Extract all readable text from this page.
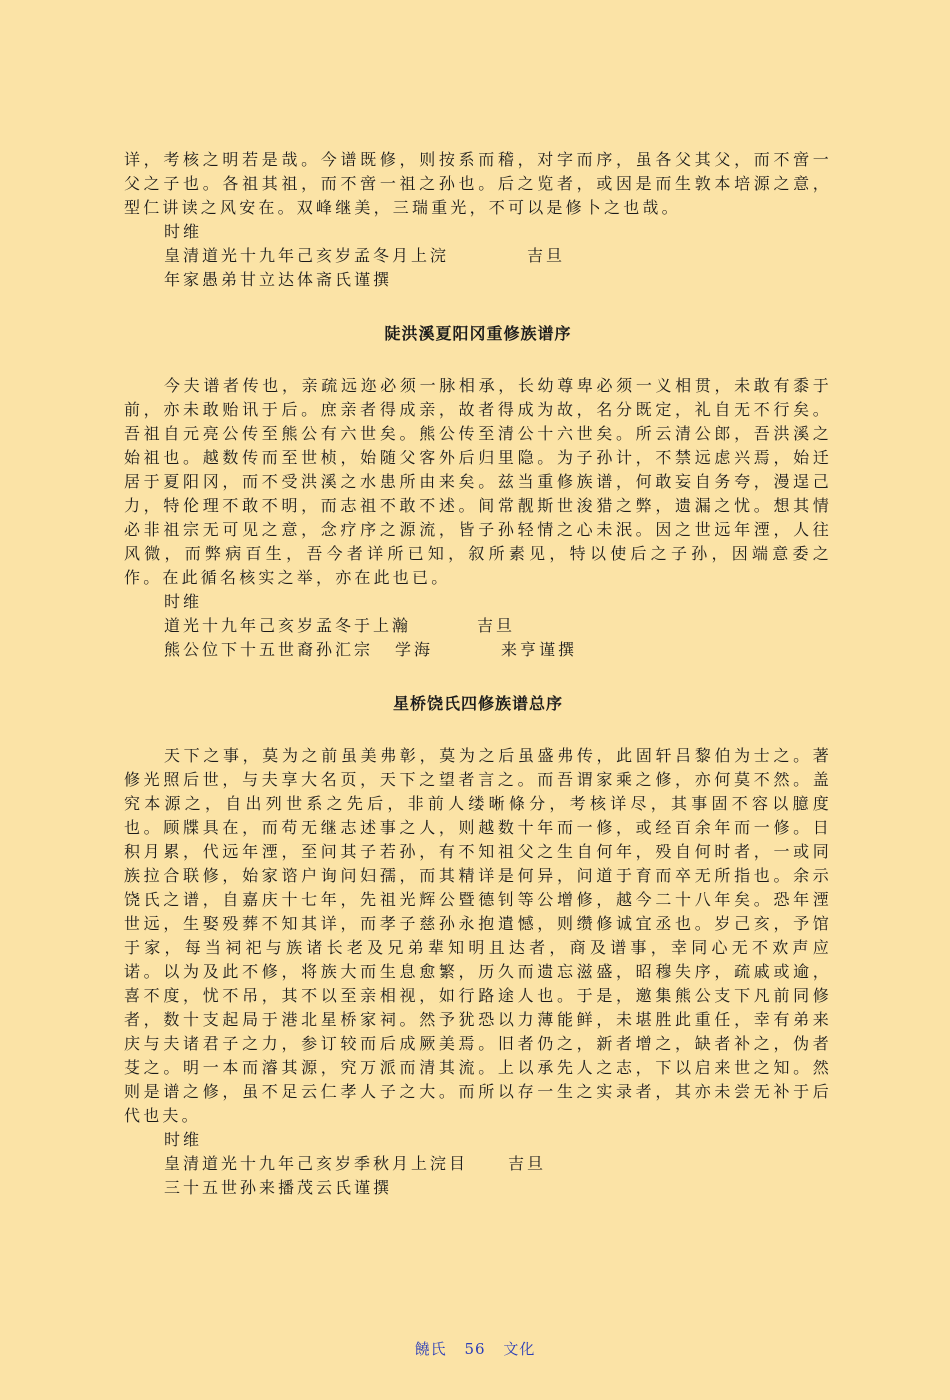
详，考核之明若是哉。今谱既修，则按系而稽，对字而序，虽各父其父，而不啻一父之子也。各祖其祖，而不啻一祖之孙也。后之览者，或因是而生敦本培源之意，型仁讲读之风安在。双峰继美，三瑞重光，不可以是修卜之也哉。

时维

皇清道光十九年己亥岁孟冬月上浣	吉旦

年家愚弟甘立达体斋氏谨撰

陡洪溪夏阳冈重修族谱序

今夫谱者传也，亲疏远迩必须一脉相承，长幼尊卑必须一义相贯，未敢有黍于前，亦未敢贻讯于后。庶亲者得成亲，故者得成为故，名分既定，礼自无不行矣。吾祖自元亮公传至熊公有六世矣。熊公传至清公十六世矣。所云清公郎，吾洪溪之始祖也。越数传而至世桢，始随父客外后归里隐。为子孙计，不禁远虑兴焉，始迁居于夏阳冈，而不受洪溪之水患所由来矣。兹当重修族谱，何敢妄自务夸，漫逞己力，特伦理不敢不明，而志祖不敢不述。间常靓斯世浚猎之弊，遗漏之忧。想其情必非祖宗无可见之意，念疗序之源流，皆子孙轻情之心未泯。因之世远年湮，人往风微，而弊病百生，吾今者详所已知，叙所素见，特以使后之子孙，因端意委之作。在此循名核实之举，亦在此也已。

时维

道光十九年己亥岁孟冬于上瀚	吉旦

熊公位下十五世裔孙汇宗 学海	来亨谨撰

星桥饶氏四修族谱总序

天下之事，莫为之前虽美弗彰，莫为之后虽盛弗传，此固轩吕黎伯为士之。著修光照后世，与夫享大名页，天下之望者言之。而吾谓家乘之修，亦何莫不然。盖究本源之，自出列世系之先后，非前人缕晰條分，考核详尽，其事固不容以臆度也。顾牒具在，而苟无继志述事之人，则越数十年而一修，或经百余年而一修。日积月累，代远年湮，至问其子若孙，有不知祖父之生自何年，殁自何时者，一或同族拉合联修，始家谘户询问妇孺，而其精详是何异，问道于育而卒无所指也。余示饶氏之谱，自嘉庆十七年，先祖光辉公暨德钊等公增修，越今二十八年矣。恐年湮世远，生娶殁葬不知其详，而孝子慈孙永抱遣憾，则缵修诚宜丞也。岁己亥，予馆于家，每当祠祀与族诸长老及兄弟辈知明且达者，商及谱事，幸同心无不欢声应诺。以为及此不修，将族大而生息愈繁，历久而遗忘滋盛，昭穆失序，疏戚或逾，喜不度，忧不吊，其不以至亲相视，如行路途人也。于是，邀集熊公支下凡前同修者，数十支起局于港北星桥家祠。然予犹恐以力薄能鲜，未堪胜此重任，幸有弟来庆与夫诸君子之力，参订较而后成厥美焉。旧者仍之，新者增之，缺者补之，伪者芟之。明一本而濬其源，究万派而清其流。上以承先人之志，下以启来世之知。然则是谱之修，虽不足云仁孝人子之大。而所以存一生之实录者，其亦未尝无补于后代也夫。

时维

皇清道光十九年己亥岁季秋月上浣目	吉旦

三十五世孙来播茂云氏谨撰

饒氏 56 文化
